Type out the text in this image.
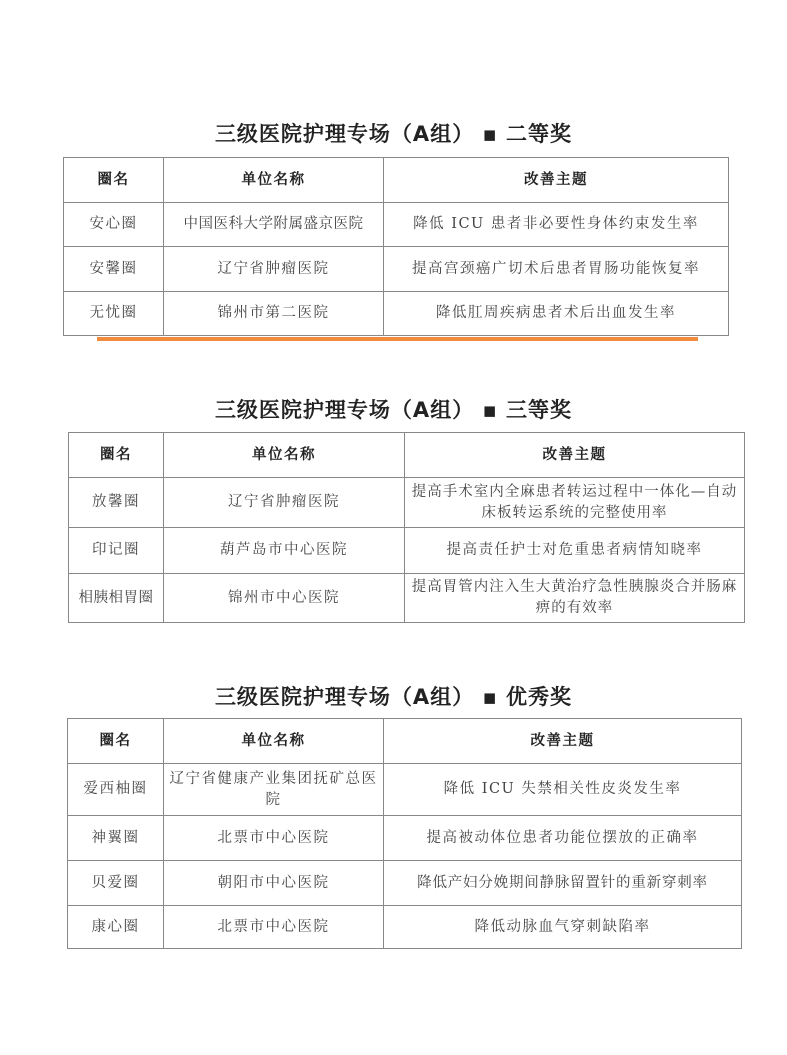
三级医院护理专场（A组） ▪ 二等奖
圈名	单位名称	改善主题
安心圈	中国医科大学附属盛京医院	降低 ICU 患者非必要性身体约束发生率
安馨圈	辽宁省肿瘤医院	提高宫颈癌广切术后患者胃肠功能恢复率
无忧圈	锦州市第二医院	降低肛周疾病患者术后出血发生率
三级医院护理专场（A组） ▪ 三等奖
圈名	单位名称	改善主题
放馨圈	辽宁省肿瘤医院	提高手术室内全麻患者转运过程中一体化—自动床板转运系统的完整使用率
印记圈	葫芦岛市中心医院	提高责任护士对危重患者病情知晓率
相胰相胃圈	锦州市中心医院	提高胃管内注入生大黄治疗急性胰腺炎合并肠麻痹的有效率
三级医院护理专场（A组） ▪ 优秀奖
圈名	单位名称	改善主题
爱西柚圈	辽宁省健康产业集团抚矿总医院	降低 ICU 失禁相关性皮炎发生率
神翼圈	北票市中心医院	提高被动体位患者功能位摆放的正确率
贝爱圈	朝阳市中心医院	降低产妇分娩期间静脉留置针的重新穿刺率
康心圈	北票市中心医院	降低动脉血气穿刺缺陷率
